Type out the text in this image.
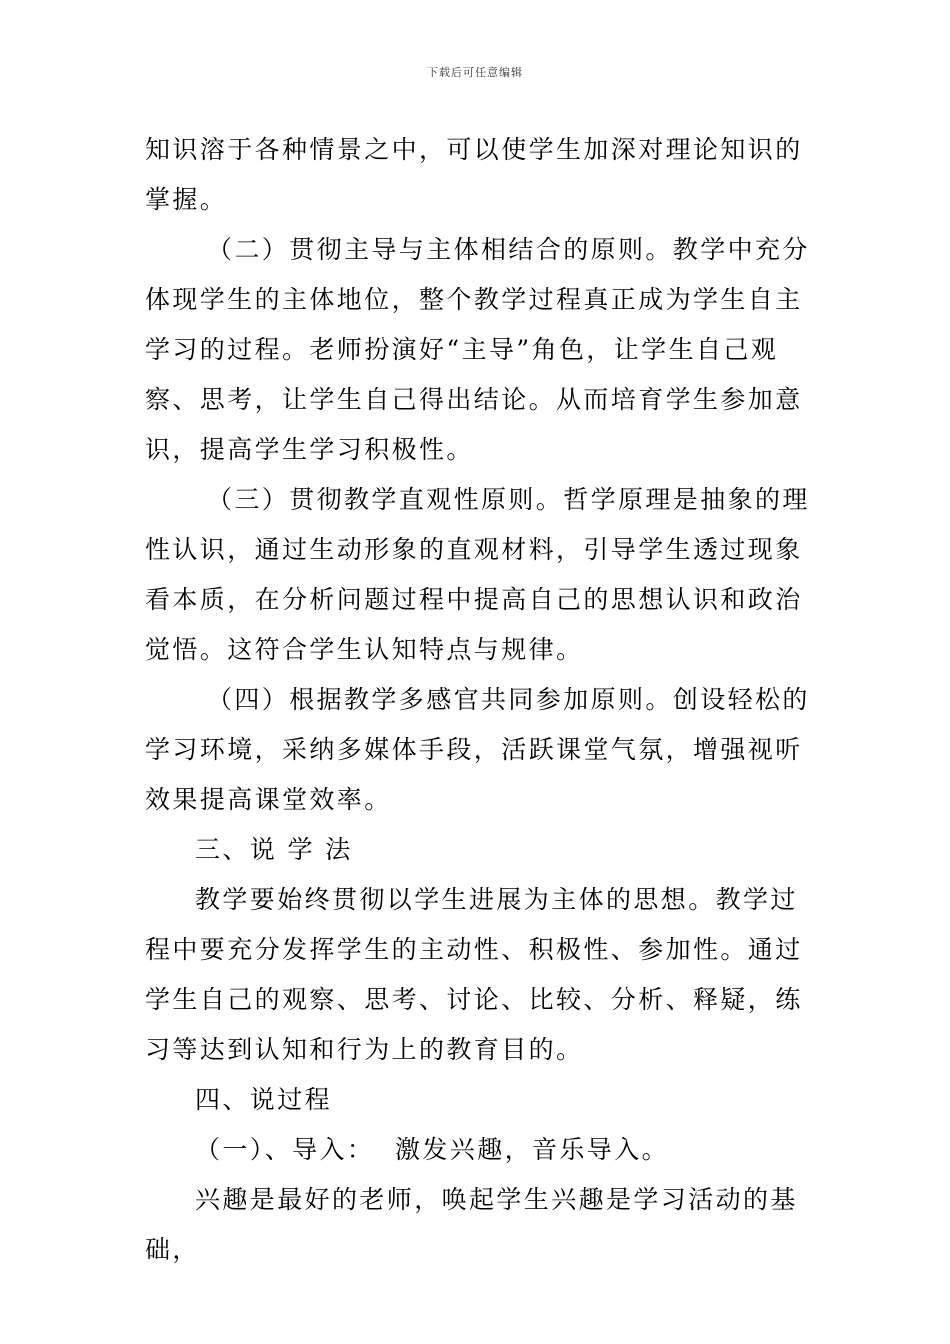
下载后可任意编辑

知识溶于各种情景之中，可以使学生加深对理论知识的掌握。

（二）贯彻主导与主体相结合的原则。教学中充分体现学生的主体地位，整个教学过程真正成为学生自主学习的过程。老师扮演好“主导”角色，让学生自己观察、思考，让学生自己得出结论。从而培育学生参加意识，提高学生学习积极性。

（三）贯彻教学直观性原则。哲学原理是抽象的理性认识，通过生动形象的直观材料，引导学生透过现象看本质，在分析问题过程中提高自己的思想认识和政治觉悟。这符合学生认知特点与规律。

（四）根据教学多感官共同参加原则。创设轻松的学习环境，采纳多媒体手段，活跃课堂气氛，增强视听效果提高课堂效率。

三、说 学 法

教学要始终贯彻以学生进展为主体的思想。教学过程中要充分发挥学生的主动性、积极性、参加性。通过学生自己的观察、思考、讨论、比较、分析、释疑，练习等达到认知和行为上的教育目的。

四、说过程

（一）、导入：  激发兴趣，音乐导入。

兴趣是最好的老师，唤起学生兴趣是学习活动的基础，
